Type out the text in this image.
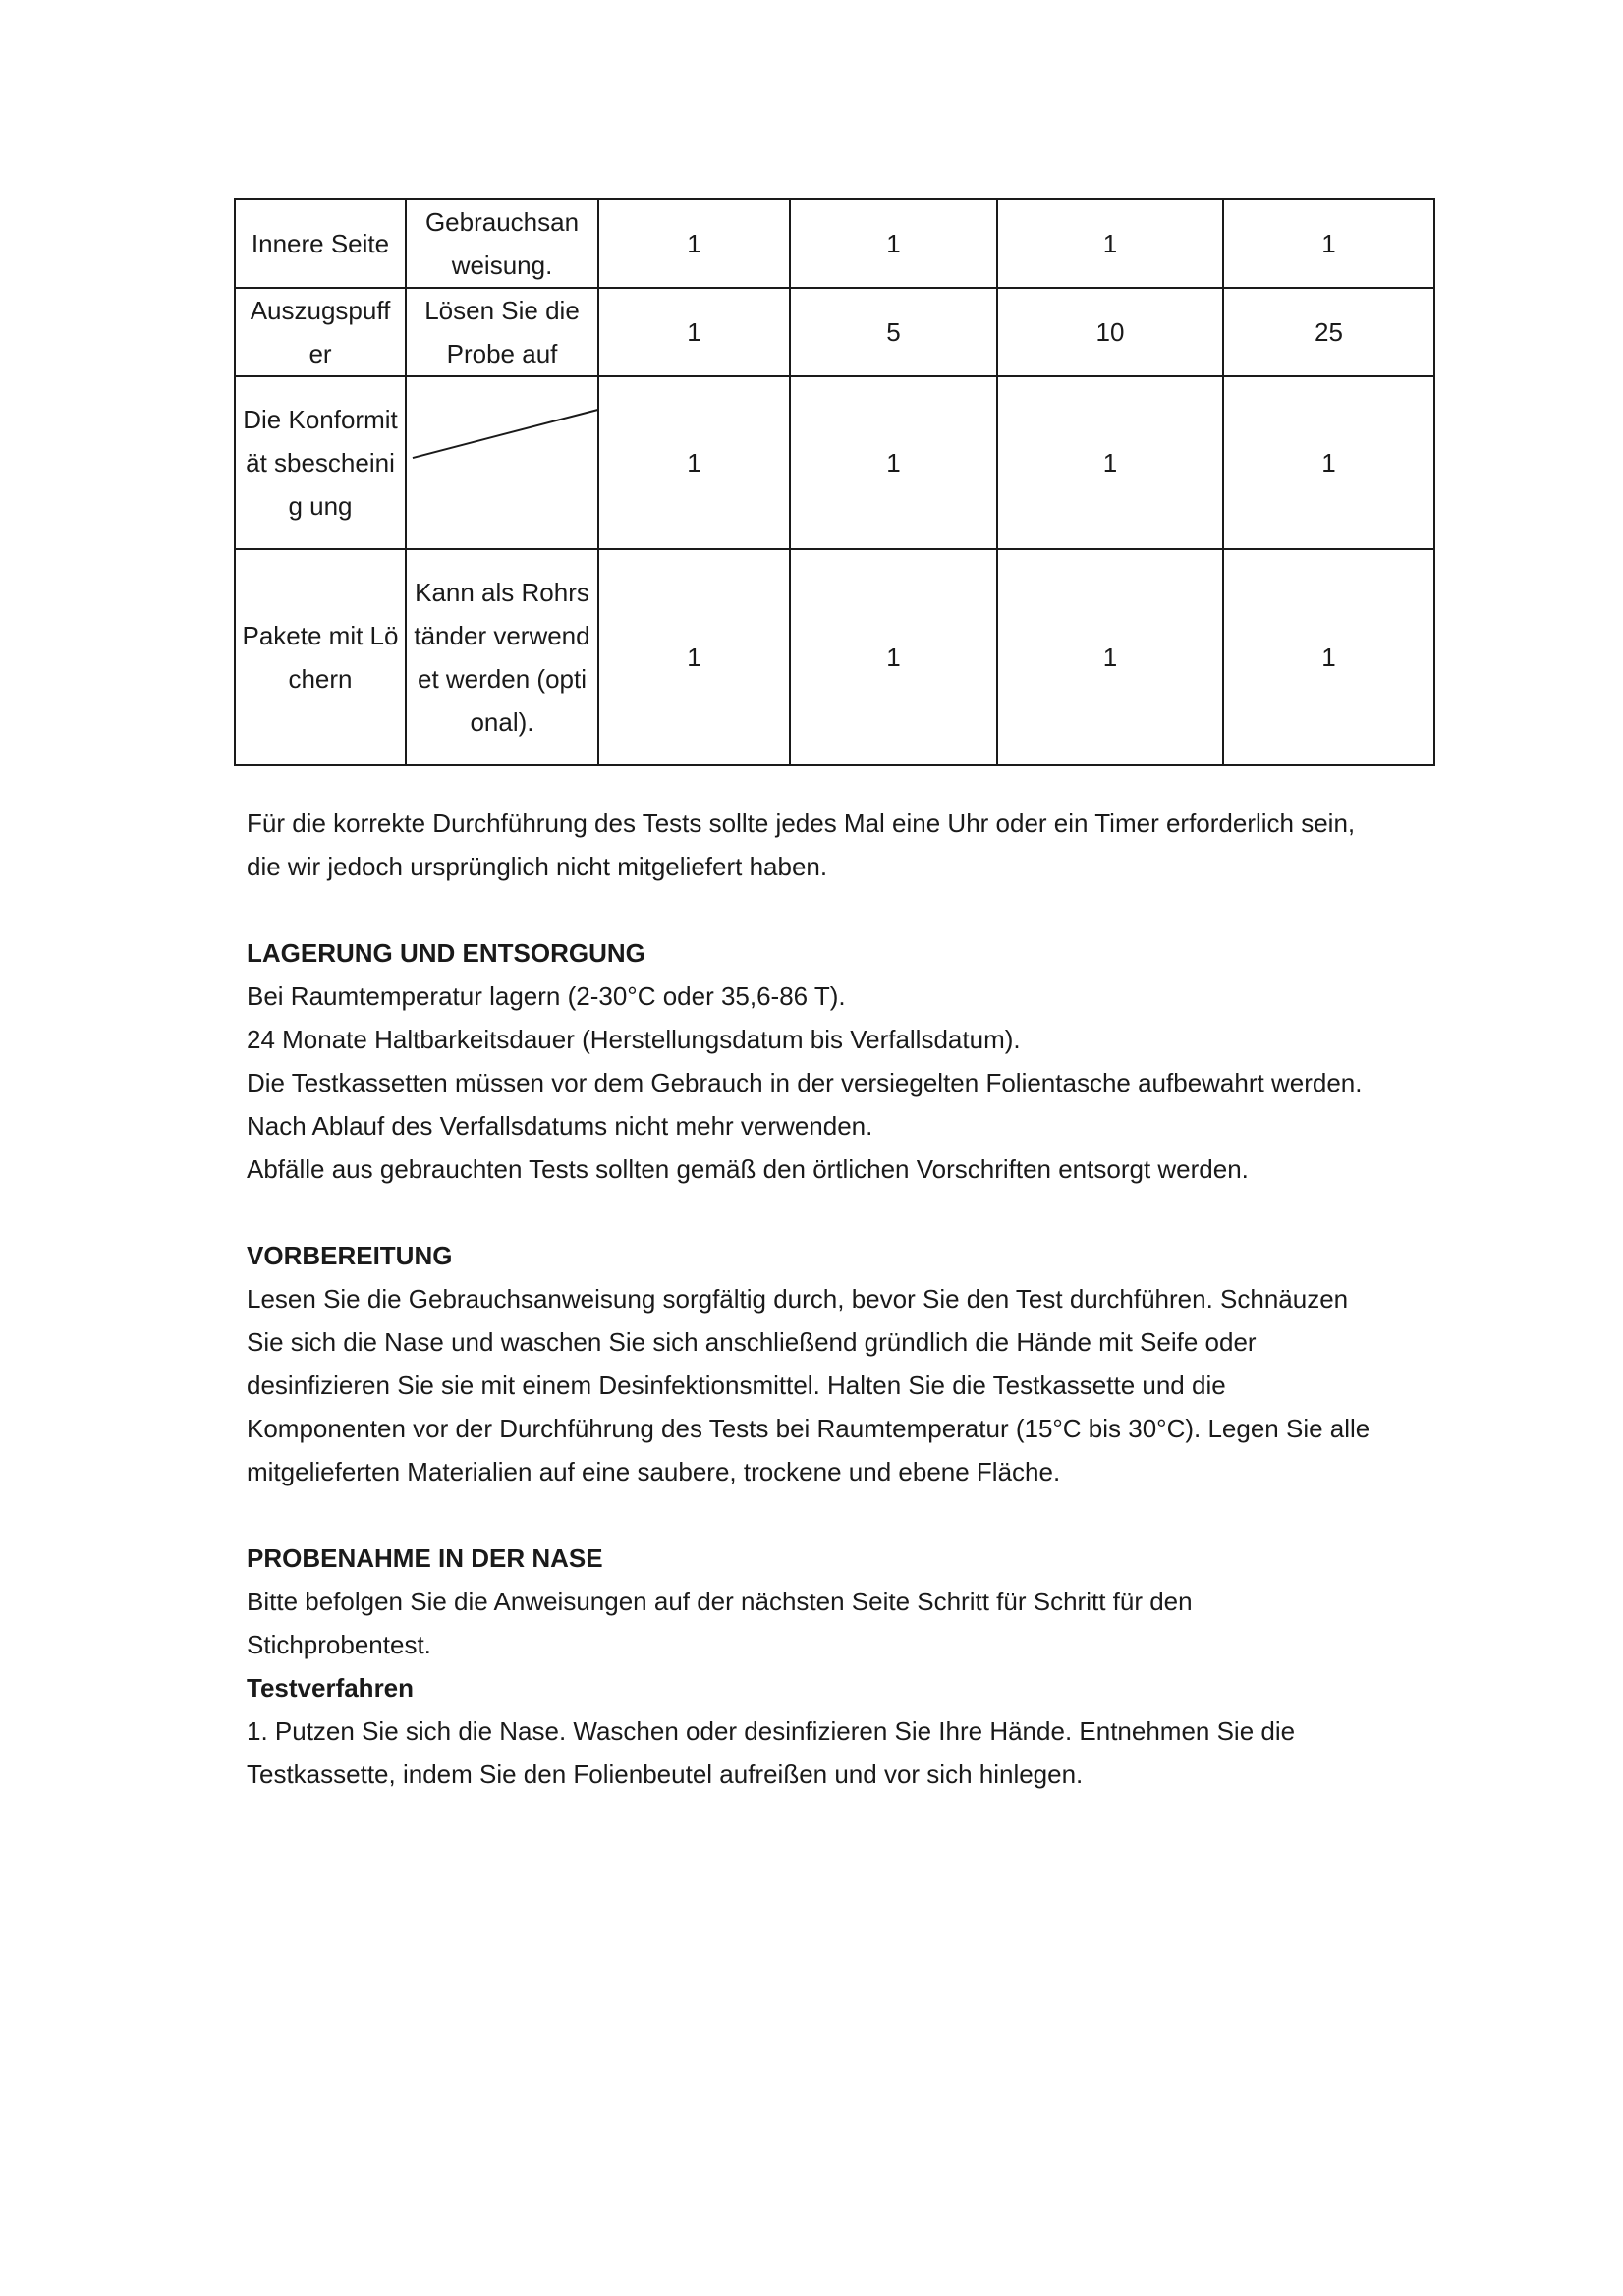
Innere Seite	Gebrauchsan weisung.	1	1	1	1
Auszugspuff er	Lösen Sie die Probe auf	1	5	10	25
Die Konformität sbescheinig ung		1	1	1	1
Pakete mit Löchern	Kann als Rohrständer verwendet werden (optional).	1	1	1	1

Für die korrekte Durchführung des Tests sollte jedes Mal eine Uhr oder ein Timer erforderlich sein,

die wir jedoch ursprünglich nicht mitgeliefert haben.

LAGERUNG UND ENTSORGUNG

Bei Raumtemperatur lagern (2-30°C oder 35,6-86 T).

24 Monate Haltbarkeitsdauer (Herstellungsdatum bis Verfallsdatum).

Die Testkassetten müssen vor dem Gebrauch in der versiegelten Folientasche aufbewahrt werden.

Nach Ablauf des Verfallsdatums nicht mehr verwenden.

Abfälle aus gebrauchten Tests sollten gemäß den örtlichen Vorschriften entsorgt werden.

VORBEREITUNG

Lesen Sie die Gebrauchsanweisung sorgfältig durch, bevor Sie den Test durchführen. Schnäuzen

Sie sich die Nase und waschen Sie sich anschließend gründlich die Hände mit Seife oder

desinfizieren Sie sie mit einem Desinfektionsmittel. Halten Sie die Testkassette und die

Komponenten vor der Durchführung des Tests bei Raumtemperatur (15°C bis 30°C). Legen Sie alle

mitgelieferten Materialien auf eine saubere, trockene und ebene Fläche.

PROBENAHME IN DER NASE

Bitte befolgen Sie die Anweisungen auf der nächsten Seite Schritt für Schritt für den

Stichprobentest.

Testverfahren

1. Putzen Sie sich die Nase. Waschen oder desinfizieren Sie Ihre Hände. Entnehmen Sie die

Testkassette, indem Sie den Folienbeutel aufreißen und vor sich hinlegen.
